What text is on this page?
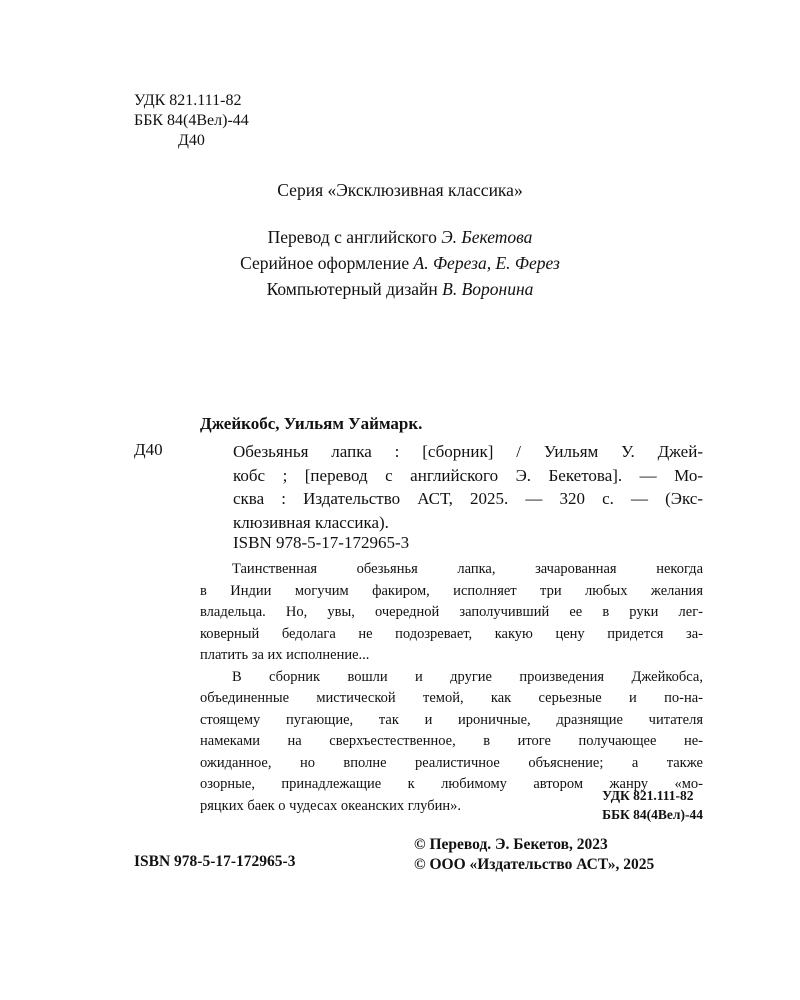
УДК 821.111-82
ББК 84(4Вел)-44
Д40
Серия «Эксклюзивная классика»
Перевод с английского Э. Бекетова
Серийное оформление А. Фереза, Е. Ферез
Компьютерный дизайн В. Воронина
Джейкобс, Уильям Уаймарк.
Д40	Обезьянья лапка : [сборник] / Уильям У. Джей-
кобс ; [перевод с английского Э. Бекетова]. — Мо-
сква : Издательство АСТ, 2025. — 320 с. — (Экс-
клюзивная классика).
ISBN 978-5-17-172965-3
Таинственная обезьянья лапка, зачарованная некогда
в Индии могучим факиром, исполняет три любых желания
владельца. Но, увы, очередной заполучивший ее в руки лег-
коверный бедолага не подозревает, какую цену придется за-
платить за их исполнение...
В сборник вошли и другие произведения Джейкобса,
объединенные мистической темой, как серьезные и по-на-
стоящему пугающие, так и ироничные, дразнящие читателя
намеками на сверхъестественное, в итоге получающее не-
ожиданное, но вполне реалистичное объяснение; а также
озорные, принадлежащие к любимому автором жанру «мо-
ряцких баек о чудесах океанских глубин».
УДК 821.111-82
ББК 84(4Вел)-44
ISBN 978-5-17-172965-3
© Перевод. Э. Бекетов, 2023
© ООО «Издательство АСТ», 2025
